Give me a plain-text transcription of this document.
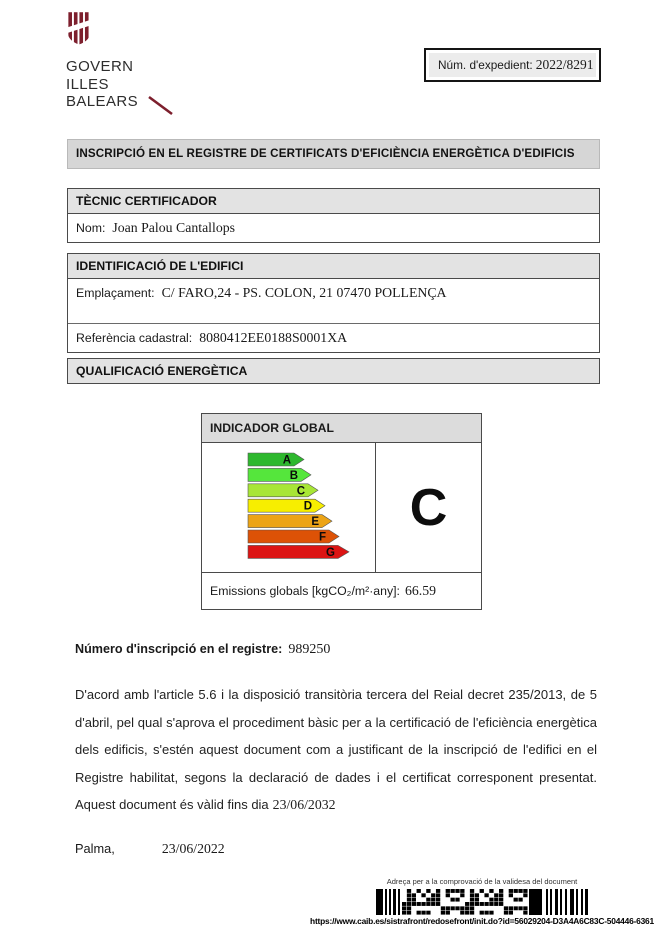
GOVERN
ILLES
BALEARS
Núm. d'expedient: 2022/8291
INSCRIPCIÓ EN EL REGISTRE DE CERTIFICATS D'EFICIÈNCIA ENERGÈTICA D'EDIFICIS
TÈCNIC CERTIFICADOR
Nom: Joan Palou Cantallops
IDENTIFICACIÓ DE L'EDIFICI
Emplaçament: C/ FARO,24 - PS. COLON, 21 07470 POLLENÇA
Referència cadastral: 8080412EE0188S0001XA
QUALIFICACIÓ ENERGÈTICA
INDICADOR GLOBAL
A
B
C
D
E
F
G
C
Emissions globals [kgCO₂/m²·any]: 66.59
Número d'inscripció en el registre: 989250
D'acord amb l'article 5.6 i la disposició transitòria tercera del Reial decret 235/2013, de 5 d'abril, pel qual s'aprova el procediment bàsic per a la certificació de l'eficiència energètica dels edificis, s'estén aquest document com a justificant de la inscripció de l'edifici en el Registre habilitat, segons la declaració de dades i el certificat corresponent presentat. Aquest document és vàlid fins dia 23/06/2032
Palma,	23/06/2022
Adreça per a la comprovació de la validesa del document
https://www.caib.es/sistrafront/redosefront/init.do?id=56029204-D3A4A6C83C-504446-6361
